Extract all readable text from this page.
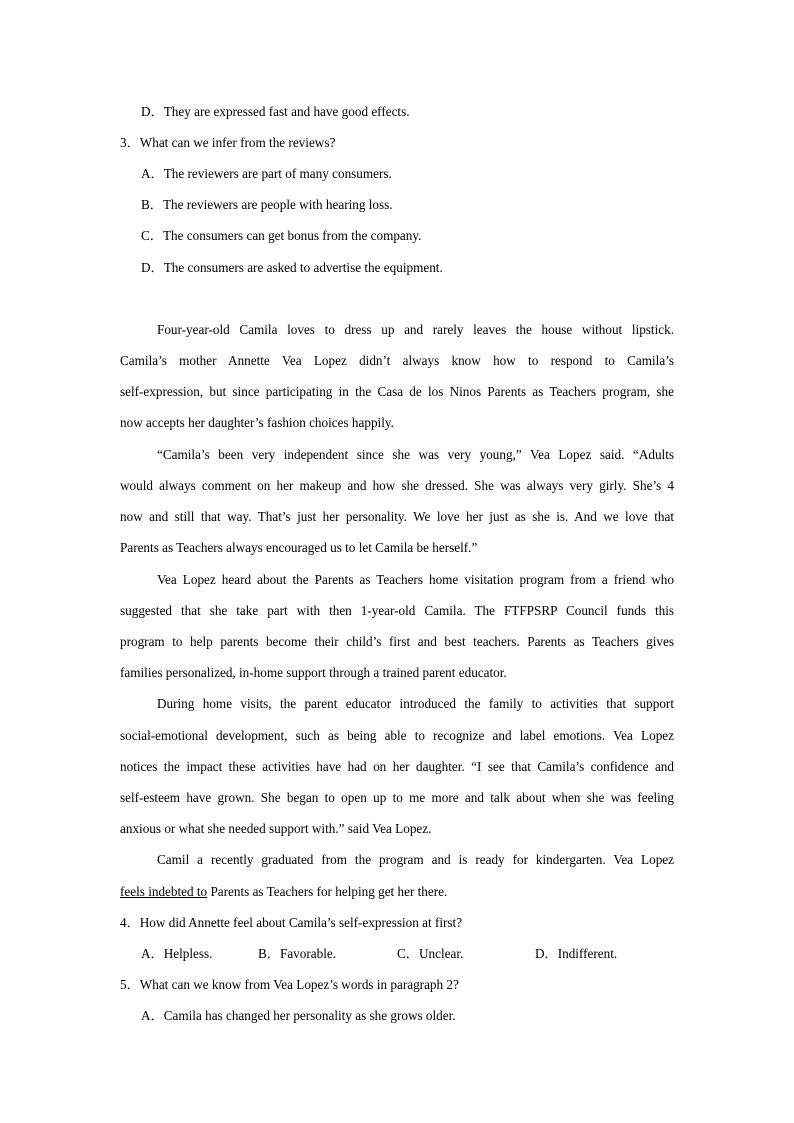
D．They are expressed fast and have good effects.
3．What can we infer from the reviews?
A．The reviewers are part of many consumers.
B．The reviewers are people with hearing loss.
C．The consumers can get bonus from the company.
D．The consumers are asked to advertise the equipment.
Four-year-old Camila loves to dress up and rarely leaves the house without lipstick.
Camila’s mother Annette Vea Lopez didn’t always know how to respond to Camila’s
self-expression, but since participating in the Casa de los Ninos Parents as Teachers program, she
now accepts her daughter’s fashion choices happily.
“Camila’s been very independent since she was very young,” Vea Lopez said. “Adults
would always comment on her makeup and how she dressed. She was always very girly. She’s 4
now and still that way. That’s just her personality. We love her just as she is. And we love that
Parents as Teachers always encouraged us to let Camila be herself.”
Vea Lopez heard about the Parents as Teachers home visitation program from a friend who
suggested that she take part with then 1-year-old Camila. The FTFPSRP Council funds this
program to help parents become their child’s first and best teachers. Parents as Teachers gives
families personalized, in-home support through a trained parent educator.
During home visits, the parent educator introduced the family to activities that support
social-emotional development, such as being able to recognize and label emotions. Vea Lopez
notices the impact these activities have had on her daughter. “I see that Camila’s confidence and
self-esteem have grown. She began to open up to me more and talk about when she was feeling
anxious or what she needed support with.” said Vea Lopez.
Camil a recently graduated from the program and is ready for kindergarten. Vea Lopez
feels indebted to Parents as Teachers for helping get her there.
4．How did Annette feel about Camila’s self-expression at first?
A．Helpless.	B．Favorable.	C．Unclear.	D．Indifferent.
5．What can we know from Vea Lopez’s words in paragraph 2?
A．Camila has changed her personality as she grows older.
